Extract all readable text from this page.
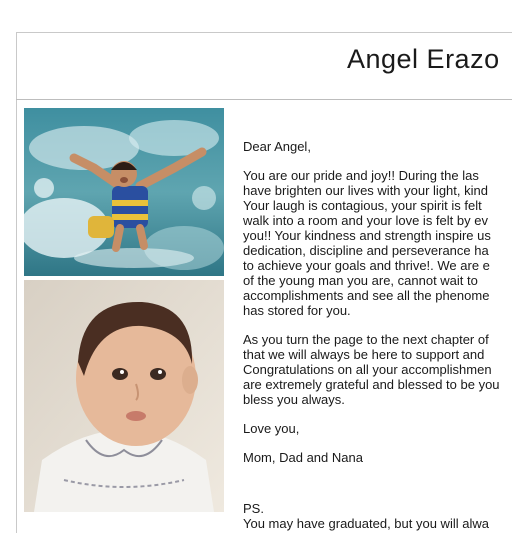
Angel Erazo

Dear Angel,

You are our pride and joy!! During the las
have brighten our lives with your light, kind
Your laugh is contagious, your spirit is felt
walk into a room and your love is felt by ev
you!! Your kindness and strength inspire us
dedication, discipline and perseverance ha
to achieve your goals and thrive!. We are e
of the young man you are, cannot wait to
accomplishments and see all the phenome
has stored for you.

As you turn the page to the next chapter of
that we will always be here to support and
Congratulations on all your accomplishmen
are extremely grateful and blessed to be you
bless you always.

Love you,

Mom, Dad and Nana

PS.

You may have graduated, but you will alwa
